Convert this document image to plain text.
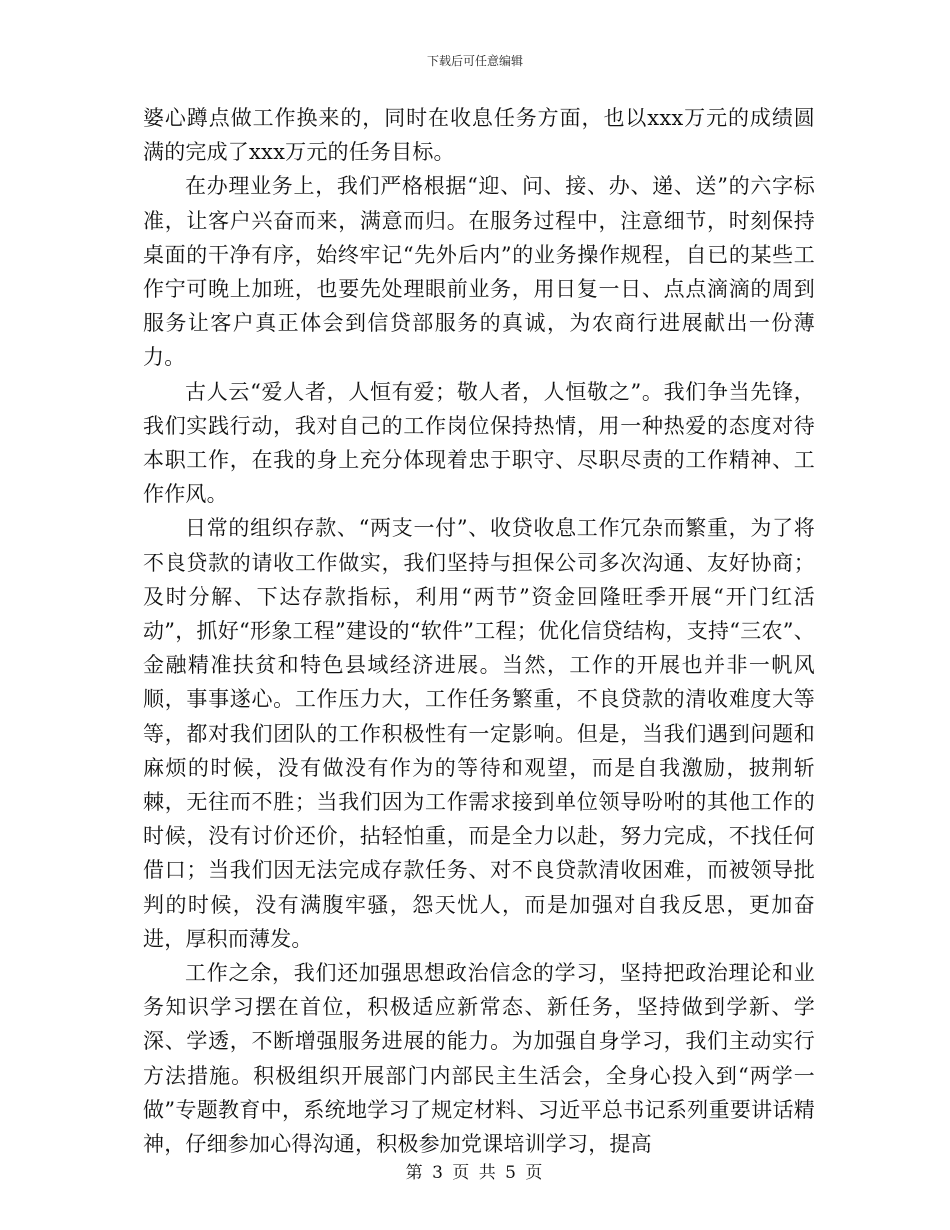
下载后可任意编辑

婆心蹲点做工作换来的，同时在收息任务方面，也以xxx万元的成绩圆满的完成了xxx万元的任务目标。

在办理业务上，我们严格根据“迎、问、接、办、递、送”的六字标准，让客户兴奋而来，满意而归。在服务过程中，注意细节，时刻保持桌面的干净有序，始终牢记“先外后内”的业务操作规程，自已的某些工作宁可晚上加班，也要先处理眼前业务，用日复一日、点点滴滴的周到服务让客户真正体会到信贷部服务的真诚，为农商行进展献出一份薄力。

古人云“爱人者，人恒有爱；敬人者，人恒敬之”。我们争当先锋，我们实践行动，我对自己的工作岗位保持热情，用一种热爱的态度对待本职工作，在我的身上充分体现着忠于职守、尽职尽责的工作精神、工作作风。

日常的组织存款、“两支一付”、收贷收息工作冗杂而繁重，为了将不良贷款的请收工作做实，我们坚持与担保公司多次沟通、友好协商；及时分解、下达存款指标，利用“两节”资金回隆旺季开展“开门红活动”，抓好“形象工程”建设的“软件”工程；优化信贷结构，支持“三农”、金融精准扶贫和特色县域经济进展。当然，工作的开展也并非一帆风顺，事事遂心。工作压力大，工作任务繁重，不良贷款的清收难度大等等，都对我们团队的工作积极性有一定影响。但是，当我们遇到问题和麻烦的时候，没有做没有作为的等待和观望，而是自我激励，披荆斩棘，无往而不胜；当我们因为工作需求接到单位领导吩咐的其他工作的时候，没有讨价还价，拈轻怕重，而是全力以赴，努力完成，不找任何借口；当我们因无法完成存款任务、对不良贷款清收困难，而被领导批判的时候，没有满腹牢骚，怨天忧人，而是加强对自我反思，更加奋进，厚积而薄发。

工作之余，我们还加强思想政治信念的学习，坚持把政治理论和业务知识学习摆在首位，积极适应新常态、新任务，坚持做到学新、学深、学透，不断增强服务进展的能力。为加强自身学习，我们主动实行方法措施。积极组织开展部门内部民主生活会，全身心投入到“两学一做”专题教育中，系统地学习了规定材料、习近平总书记系列重要讲话精神，仔细参加心得沟通，积极参加党课培训学习，提高

第 3 页 共 5 页
